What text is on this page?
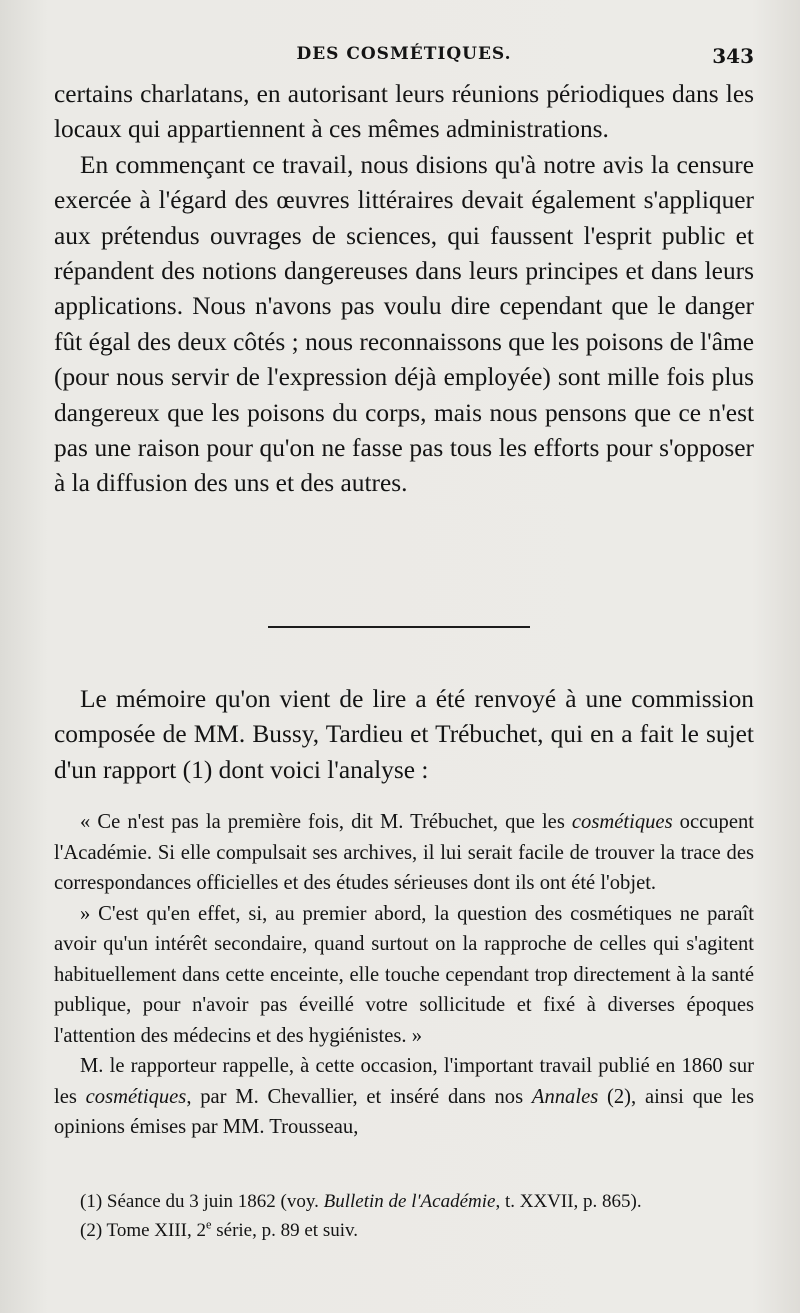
DES COSMÉTIQUES.	343

certains charlatans, en autorisant leurs réunions périodiques dans les locaux qui appartiennent à ces mêmes administrations.

En commençant ce travail, nous disions qu'à notre avis la censure exercée à l'égard des œuvres littéraires devait également s'appliquer aux prétendus ouvrages de sciences, qui faussent l'esprit public et répandent des notions dangereuses dans leurs principes et dans leurs applications. Nous n'avons pas voulu dire cependant que le danger fût égal des deux côtés ; nous reconnaissons que les poisons de l'âme (pour nous servir de l'expression déjà employée) sont mille fois plus dangereux que les poisons du corps, mais nous pensons que ce n'est pas une raison pour qu'on ne fasse pas tous les efforts pour s'opposer à la diffusion des uns et des autres.

Le mémoire qu'on vient de lire a été renvoyé à une commission composée de MM. Bussy, Tardieu et Trébuchet, qui en a fait le sujet d'un rapport (1) dont voici l'analyse :

« Ce n'est pas la première fois, dit M. Trébuchet, que les cosmétiques occupent l'Académie. Si elle compulsait ses archives, il lui serait facile de trouver la trace des correspondances officielles et des études sérieuses dont ils ont été l'objet.

» C'est qu'en effet, si, au premier abord, la question des cosmétiques ne paraît avoir qu'un intérêt secondaire, quand surtout on la rapproche de celles qui s'agitent habituellement dans cette enceinte, elle touche cependant trop directement à la santé publique, pour n'avoir pas éveillé votre sollicitude et fixé à diverses époques l'attention des médecins et des hygiénistes. »

M. le rapporteur rappelle, à cette occasion, l'important travail publié en 1860 sur les cosmétiques, par M. Chevallier, et inséré dans nos Annales (2), ainsi que les opinions émises par MM. Trousseau,

(1) Séance du 3 juin 1862 (voy. Bulletin de l'Académie, t. XXVII, p. 865).

(2) Tome XIII, 2e série, p. 89 et suiv.
